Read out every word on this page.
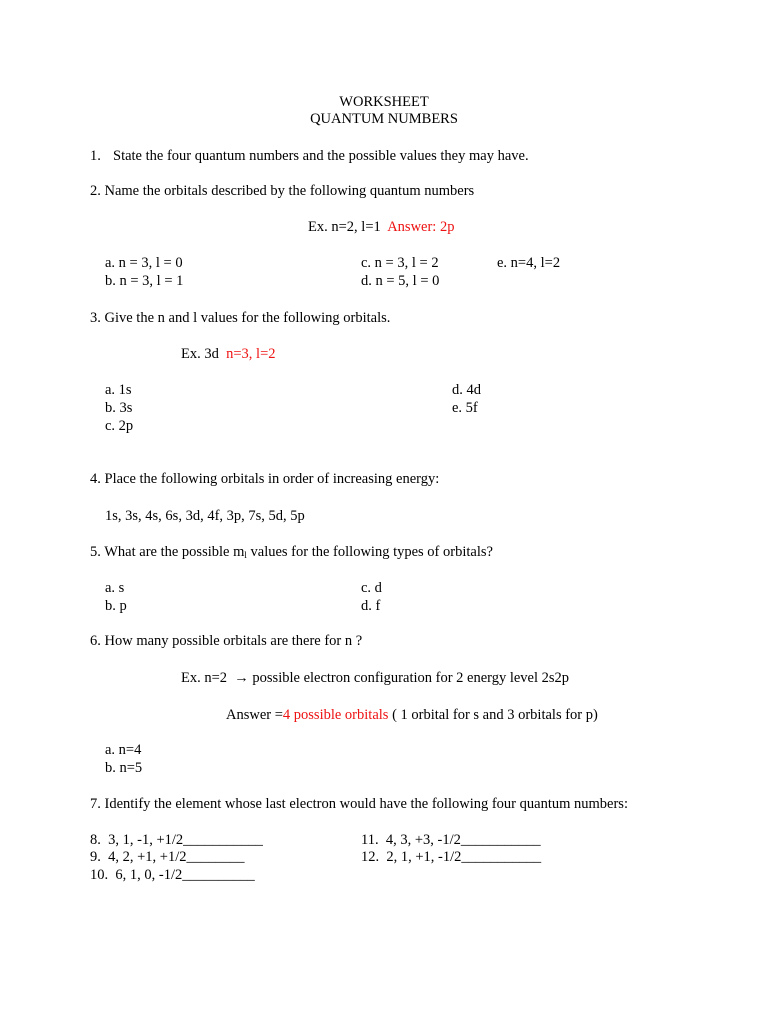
WORKSHEET
QUANTUM NUMBERS
1. State the four quantum numbers and the possible values they may have.
2. Name the orbitals described by the following quantum numbers
Ex. n=2, l=1 Answer: 2p
a. n = 3, l = 0
b. n = 3, l = 1
c. n = 3, l = 2
d. n = 5, l = 0
e. n=4, l=2
3. Give the n and l values for the following orbitals.
Ex. 3d n=3, l=2
a. 1s
b. 3s
c. 2p
d. 4d
e. 5f
4. Place the following orbitals in order of increasing energy:
1s, 3s, 4s, 6s, 3d, 4f, 3p, 7s, 5d, 5p
5. What are the possible $m_l$ values for the following types of orbitals?
a. s
b. p
c. d
d. f
6. How many possible orbitals are there for n ?
Ex. n=2  → possible electron configuration for 2 energy level 2s2p
Answer =4 possible orbitals ( 1 orbital for s and 3 orbitals for p)
a. n=4
b. n=5
7. Identify the element whose last electron would have the following four quantum numbers:
8.  3, 1, -1, +1/2___________
9.  4, 2, +1, +1/2________
10.  6, 1, 0, -1/2__________
11.  4, 3, +3, -1/2___________
12.  2, 1, +1, -1/2___________
